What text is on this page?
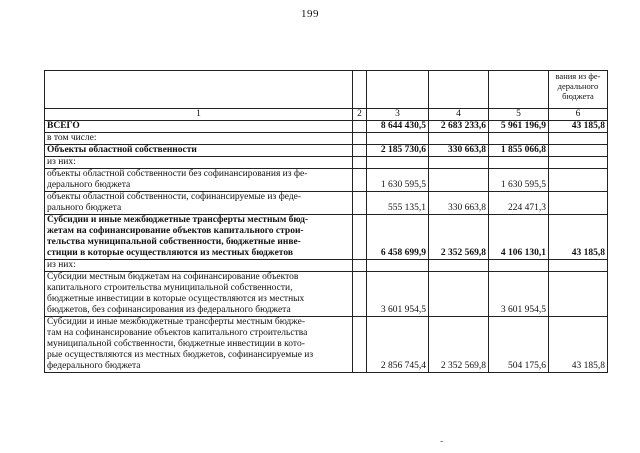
199
					вания из фе-
дерального
бюджета
1	2	3	4	5	6
ВСЕГО		8 644 430,5	2 683 233,6	5 961 196,9	43 185,8
в том числе:					
Объекты областной собственности		2 185 730,6	330 663,8	1 855 066,8	
из них:					
объекты областной собственности без софинансирования из фе-
дерального бюджета		1 630 595,5		1 630 595,5	
объекты областной собственности, софинансируемые из феде-
рального бюджета		555 135,1	330 663,8	224 471,3	
Субсидии и иные межбюджетные трансферты местным бюд-
жетам на софинансирование объектов капитального строи-
тельства муниципальной собственности, бюджетные инве-
стиции в которые осуществляются из местных бюджетов		6 458 699,9	2 352 569,8	4 106 130,1	43 185,8
из них:					
Субсидии местным бюджетам на софинансирование объектов
капитального строительства муниципальной собственности,
бюджетные инвестиции в которые осуществляются из местных
бюджетов, без софинансирования из федерального бюджета		3 601 954,5		3 601 954,5	
Субсидии и иные межбюджетные трансферты местным бюдже-
там на софинансирование объектов капитального строительства
муниципальной собственности, бюджетные инвестиции в кото-
рые осуществляются из местных бюджетов, софинансируемые из
федерального бюджета		2 856 745,4	2 352 569,8	504 175,6	43 185,8
-
